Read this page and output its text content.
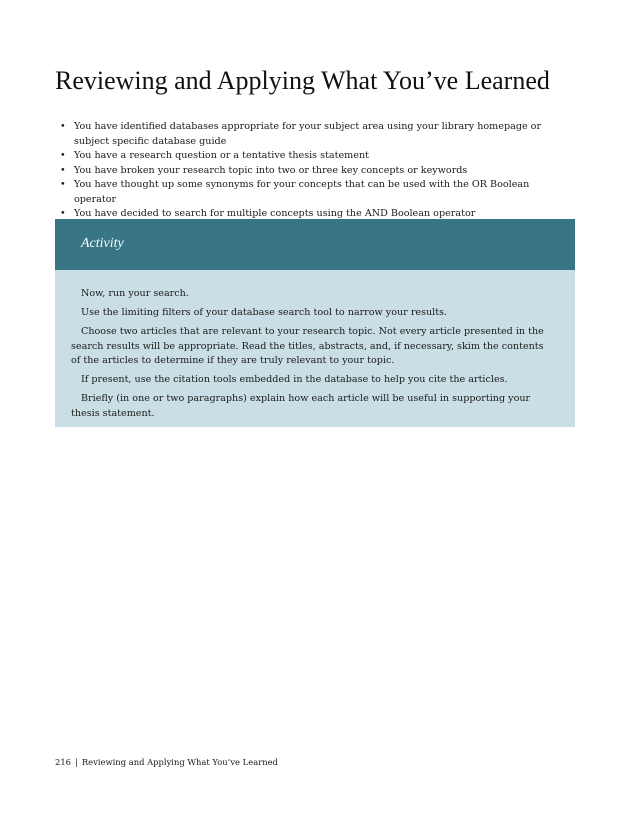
Reviewing and Applying What You’ve Learned
• You have identified databases appropriate for your subject area using your library homepage or subject specific database guide
• You have a research question or a tentative thesis statement
• You have broken your research topic into two or three key concepts or keywords
• You have thought up some synonyms for your concepts that can be used with the OR Boolean operator
• You have decided to search for multiple concepts using the AND Boolean operator
Activity

Now, run your search.

Use the limiting filters of your database search tool to narrow your results.

Choose two articles that are relevant to your research topic. Not every article presented in the search results will be appropriate. Read the titles, abstracts, and, if necessary, skim the contents of the articles to determine if they are truly relevant to your topic.

If present, use the citation tools embedded in the database to help you cite the articles.

Briefly (in one or two paragraphs) explain how each article will be useful in supporting your thesis statement.

216 | Reviewing and Applying What You’ve Learned
